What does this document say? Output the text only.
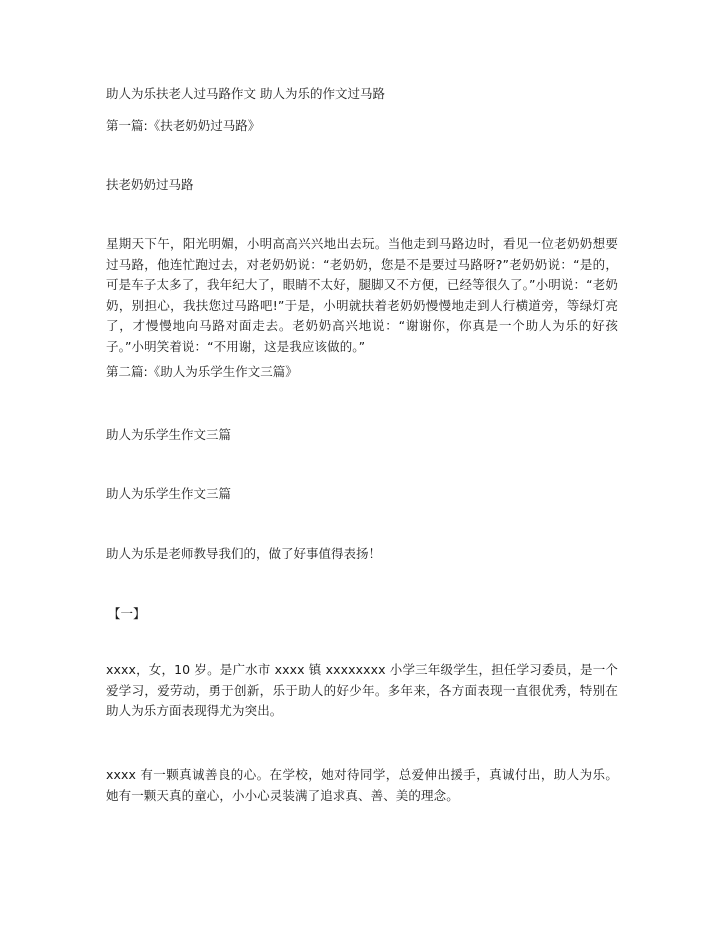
助人为乐扶老人过马路作文 助人为乐的作文过马路
第一篇:《扶老奶奶过马路》
扶老奶奶过马路
星期天下午，阳光明媚，小明高高兴兴地出去玩。当他走到马路边时，看见一位老奶奶想要过马路，他连忙跑过去，对老奶奶说：“老奶奶，您是不是要过马路呀?”老奶奶说：“是的，可是车子太多了，我年纪大了，眼睛不太好，腿脚又不方便，已经等很久了。”小明说：“老奶奶，别担心，我扶您过马路吧!”于是，小明就扶着老奶奶慢慢地走到人行横道旁，等绿灯亮了，才慢慢地向马路对面走去。老奶奶高兴地说：“谢谢你，你真是一个助人为乐的好孩子。”小明笑着说：“不用谢，这是我应该做的。”
第二篇:《助人为乐学生作文三篇》
助人为乐学生作文三篇
助人为乐学生作文三篇
助人为乐是老师教导我们的，做了好事值得表扬！
【一】
xxxx，女，10 岁。是广水市 xxxx 镇 xxxxxxxx 小学三年级学生，担任学习委员，是一个爱学习，爱劳动，勇于创新，乐于助人的好少年。多年来，各方面表现一直很优秀，特别在助人为乐方面表现得尤为突出。
xxxx 有一颗真诚善良的心。在学校，她对待同学，总爱伸出援手，真诚付出，助人为乐。她有一颗天真的童心，小小心灵装满了追求真、善、美的理念。
